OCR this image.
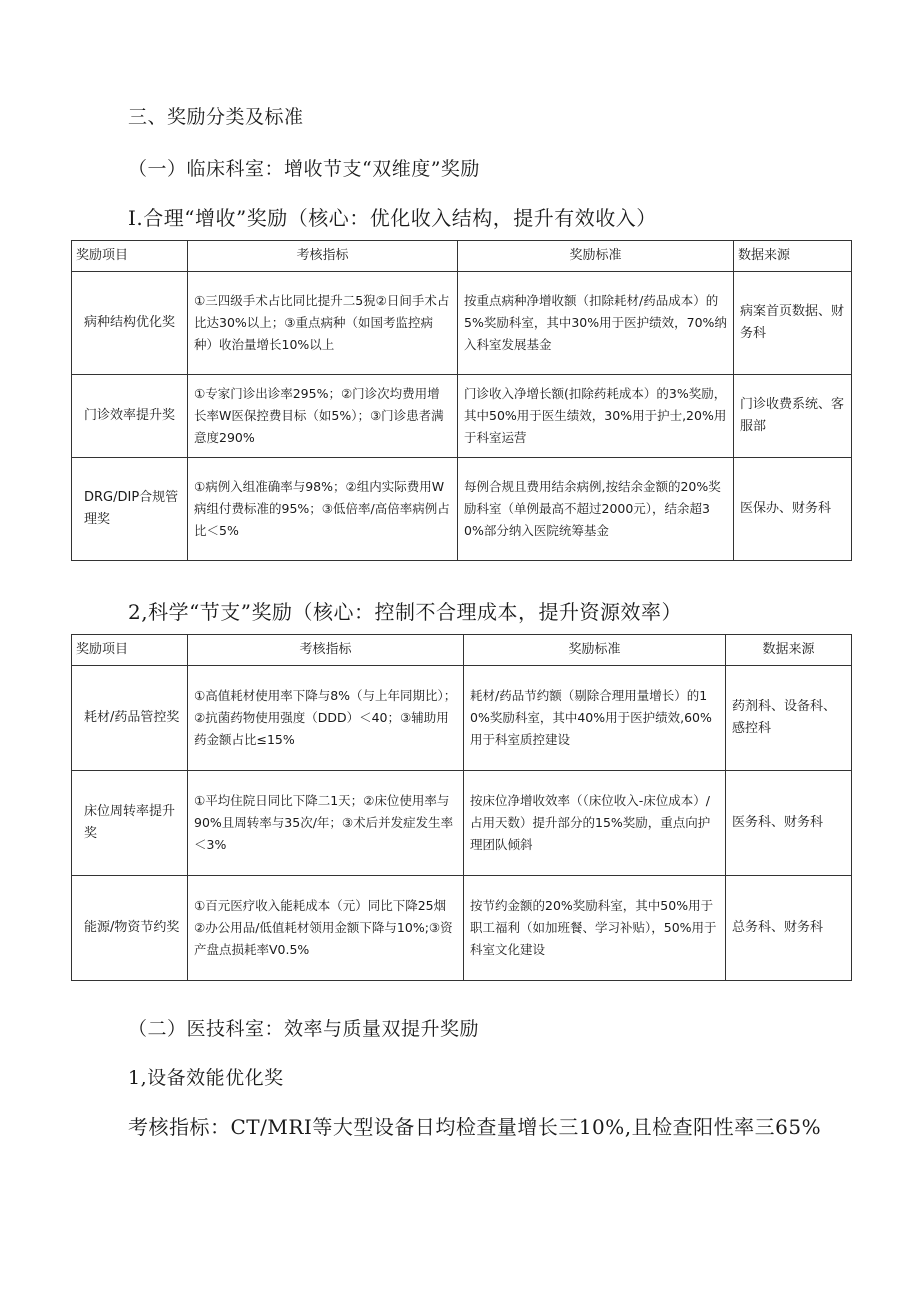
三、奖励分类及标准
（一）临床科室：增收节支“双维度”奖励
I.合理“增收”奖励（核心：优化收入结构，提升有效收入）
奖励项目	考核指标	奖励标准	数据来源
病种结构优化奖	①三四级手术占比同比提升二5猊②日间手术占比达30%以上；③重点病种（如国考监控病种）收治量增长10%以上	按重点病种净增收额（扣除耗材/药品成本）的5%奖励科室，其中30%用于医护绩效，70%纳入科室发展基金	病案首页数据、财务科
门诊效率提升奖	①专家门诊出诊率295%；②门诊次均费用增长率W医保控费目标（如5%）；③门诊患者满意度290%	门诊收入净增长额(扣除药耗成本）的3%奖励，其中50%用于医生绩效，30%用于护士,20%用于科室运营	门诊收费系统、客服部
DRG/DIP合规管理奖	①病例入组准确率与98%；②组内实际费用W病组付费标准的95%；③低倍率/高倍率病例占比＜5%	每例合规且费用结余病例,按结余金额的20%奖励科室（单例最高不超过2000元），结余超30%部分纳入医院统筹基金	医保办、财务科
2,科学“节支”奖励（核心：控制不合理成本，提升资源效率）
奖励项目	考核指标	奖励标准	数据来源
耗材/药品管控奖	①高值耗材使用率下降与8%（与上年同期比）；②抗菌药物使用强度（DDD）＜40；③辅助用药金额占比≤15%	耗材/药品节约额（剔除合理用量增长）的10%奖励科室，其中40%用于医护绩效,60%用于科室质控建设	药剂科、设备科、感控科
床位周转率提升奖	①平均住院日同比下降二1天；②床位使用率与90%且周转率与35次/年；③术后并发症发生率＜3%	按床位净增收效率（（床位收入-床位成本）/占用天数）提升部分的15%奖励，重点向护理团队倾斜	医务科、财务科
能源/物资节约奖	①百元医疗收入能耗成本（元）同比下降25烟②办公用品/低值耗材领用金额下降与10%;③资产盘点损耗率V0.5%	按节约金额的20%奖励科室，其中50%用于职工福利（如加班餐、学习补贴），50%用于科室文化建设	总务科、财务科
（二）医技科室：效率与质量双提升奖励
1,设备效能优化奖
考核指标：CT/MRI等大型设备日均检查量增长三10%,且检查阳性率三65%
